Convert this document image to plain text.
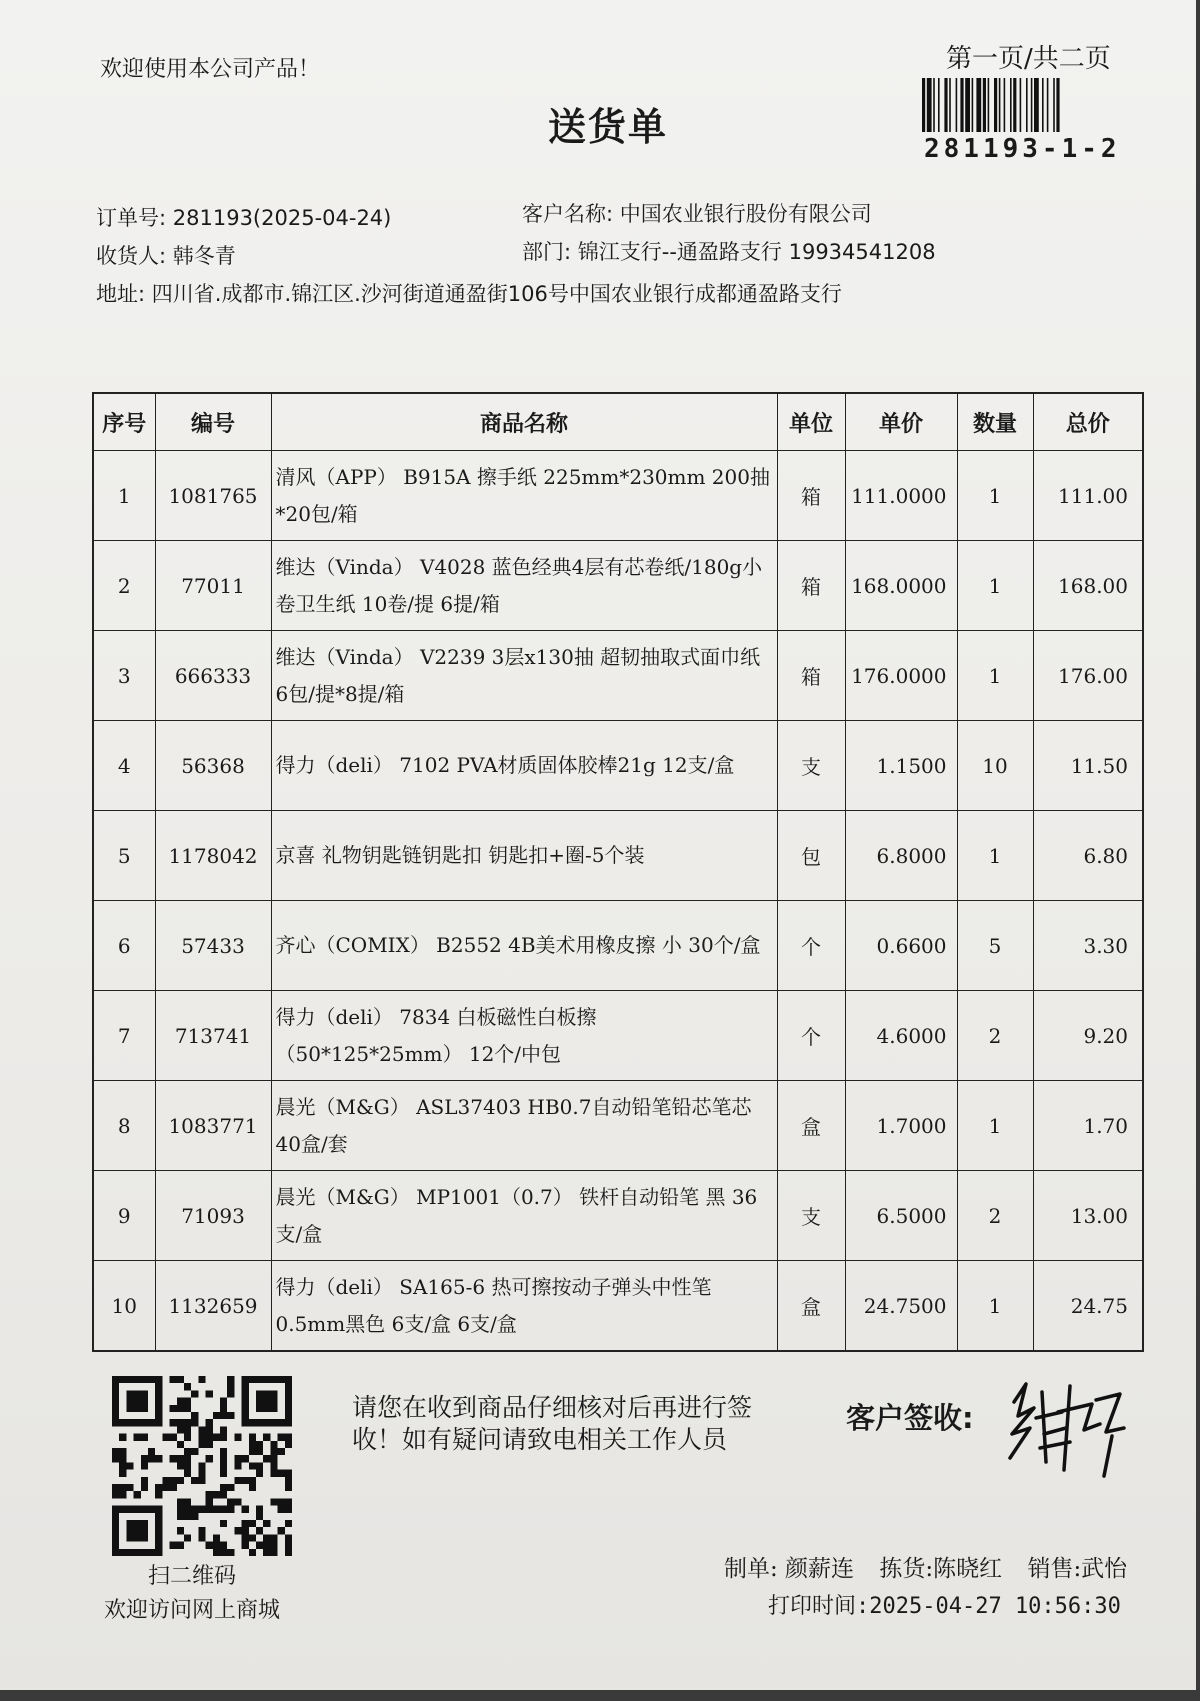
欢迎使用本公司产品！
送货单
第一页/共二页
281193-1-2
订单号: 281193(2025-04-24)	客户名称: 中国农业银行股份有限公司
收货人: 韩冬青	部门: 锦江支行--通盈路支行 19934541208
地址: 四川省.成都市.锦江区.沙河街道通盈街106号中国农业银行成都通盈路支行
序号	编号	商品名称	单位	单价	数量	总价
1	1081765	清风（APP） B915A 擦手纸 225mm*230mm 200抽*20包/箱	箱	111.0000	1	111.00
2	77011	维达（Vinda） V4028 蓝色经典4层有芯卷纸/180g小卷卫生纸 10卷/提 6提/箱	箱	168.0000	1	168.00
3	666333	维达（Vinda） V2239 3层x130抽 超韧抽取式面巾纸 6包/提*8提/箱	箱	176.0000	1	176.00
4	56368	得力（deli） 7102 PVA材质固体胶棒21g 12支/盒	支	1.1500	10	11.50
5	1178042	京喜 礼物钥匙链钥匙扣 钥匙扣+圈-5个装	包	6.8000	1	6.80
6	57433	齐心（COMIX） B2552 4B美术用橡皮擦 小 30个/盒	个	0.6600	5	3.30
7	713741	得力（deli） 7834 白板磁性白板擦 （50*125*25mm） 12个/中包	个	4.6000	2	9.20
8	1083771	晨光（M&G） ASL37403 HB0.7自动铅笔铅芯笔芯40盒/套	盒	1.7000	1	1.70
9	71093	晨光（M&G） MP1001（0.7） 铁杆自动铅笔 黑 36支/盒	支	6.5000	2	13.00
10	1132659	得力（deli） SA165-6 热可擦按动子弹头中性笔0.5mm黑色 6支/盒 6支/盒	盒	24.7500	1	24.75
扫二维码
欢迎访问网上商城
请您在收到商品仔细核对后再进行签收！如有疑问请致电相关工作人员
客户签收:
制单: 颜薪连 拣货:陈晓红 销售:武怡
打印时间:2025-04-27 10:56:30
